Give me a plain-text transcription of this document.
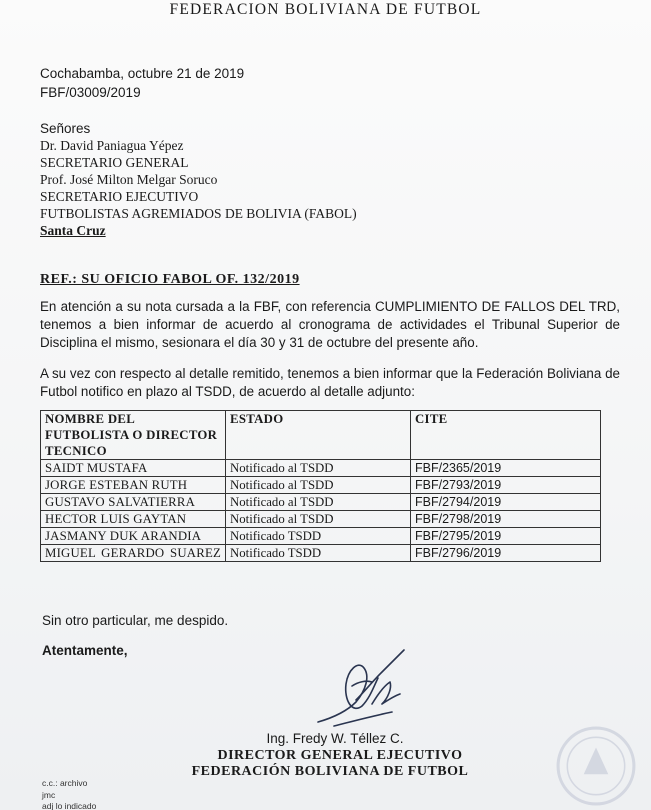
FEDERACION BOLIVIANA DE FUTBOL
Cochabamba, octubre 21 de 2019
FBF/03009/2019
Señores
Dr. David Paniagua Yépez
SECRETARIO GENERAL
Prof. José Milton Melgar Soruco
SECRETARIO EJECUTIVO
FUTBOLISTAS AGREMIADOS DE BOLIVIA (FABOL)
Santa Cruz
REF.: SU OFICIO FABOL OF. 132/2019
En atención a su nota cursada a la FBF, con referencia CUMPLIMIENTO DE FALLOS DEL TRD, tenemos a bien informar de acuerdo al cronograma de actividades el Tribunal Superior de Disciplina el mismo, sesionara el día 30 y 31 de octubre del presente año.
A su vez con respecto al detalle remitido, tenemos a bien informar que la Federación Boliviana de Futbol notifico en plazo al TSDD, de acuerdo al detalle adjunto:
NOMBRE DEL FUTBOLISTA O DIRECTOR TECNICO	ESTADO	CITE
SAIDT MUSTAFA	Notificado al TSDD	FBF/2365/2019
JORGE ESTEBAN RUTH	Notificado al TSDD	FBF/2793/2019
GUSTAVO SALVATIERRA	Notificado al TSDD	FBF/2794/2019
HECTOR LUIS GAYTAN	Notificado al TSDD	FBF/2798/2019
JASMANY DUK ARANDIA	Notificado TSDD	FBF/2795/2019
MIGUEL GERARDO SUAREZ	Notificado TSDD	FBF/2796/2019
Sin otro particular, me despido.
Atentamente,
Ing. Fredy W. Téllez C.
DIRECTOR GENERAL EJECUTIVO
FEDERACIÓN BOLIVIANA DE FUTBOL
c.c.: archivo
jmc
adj lo indicado
